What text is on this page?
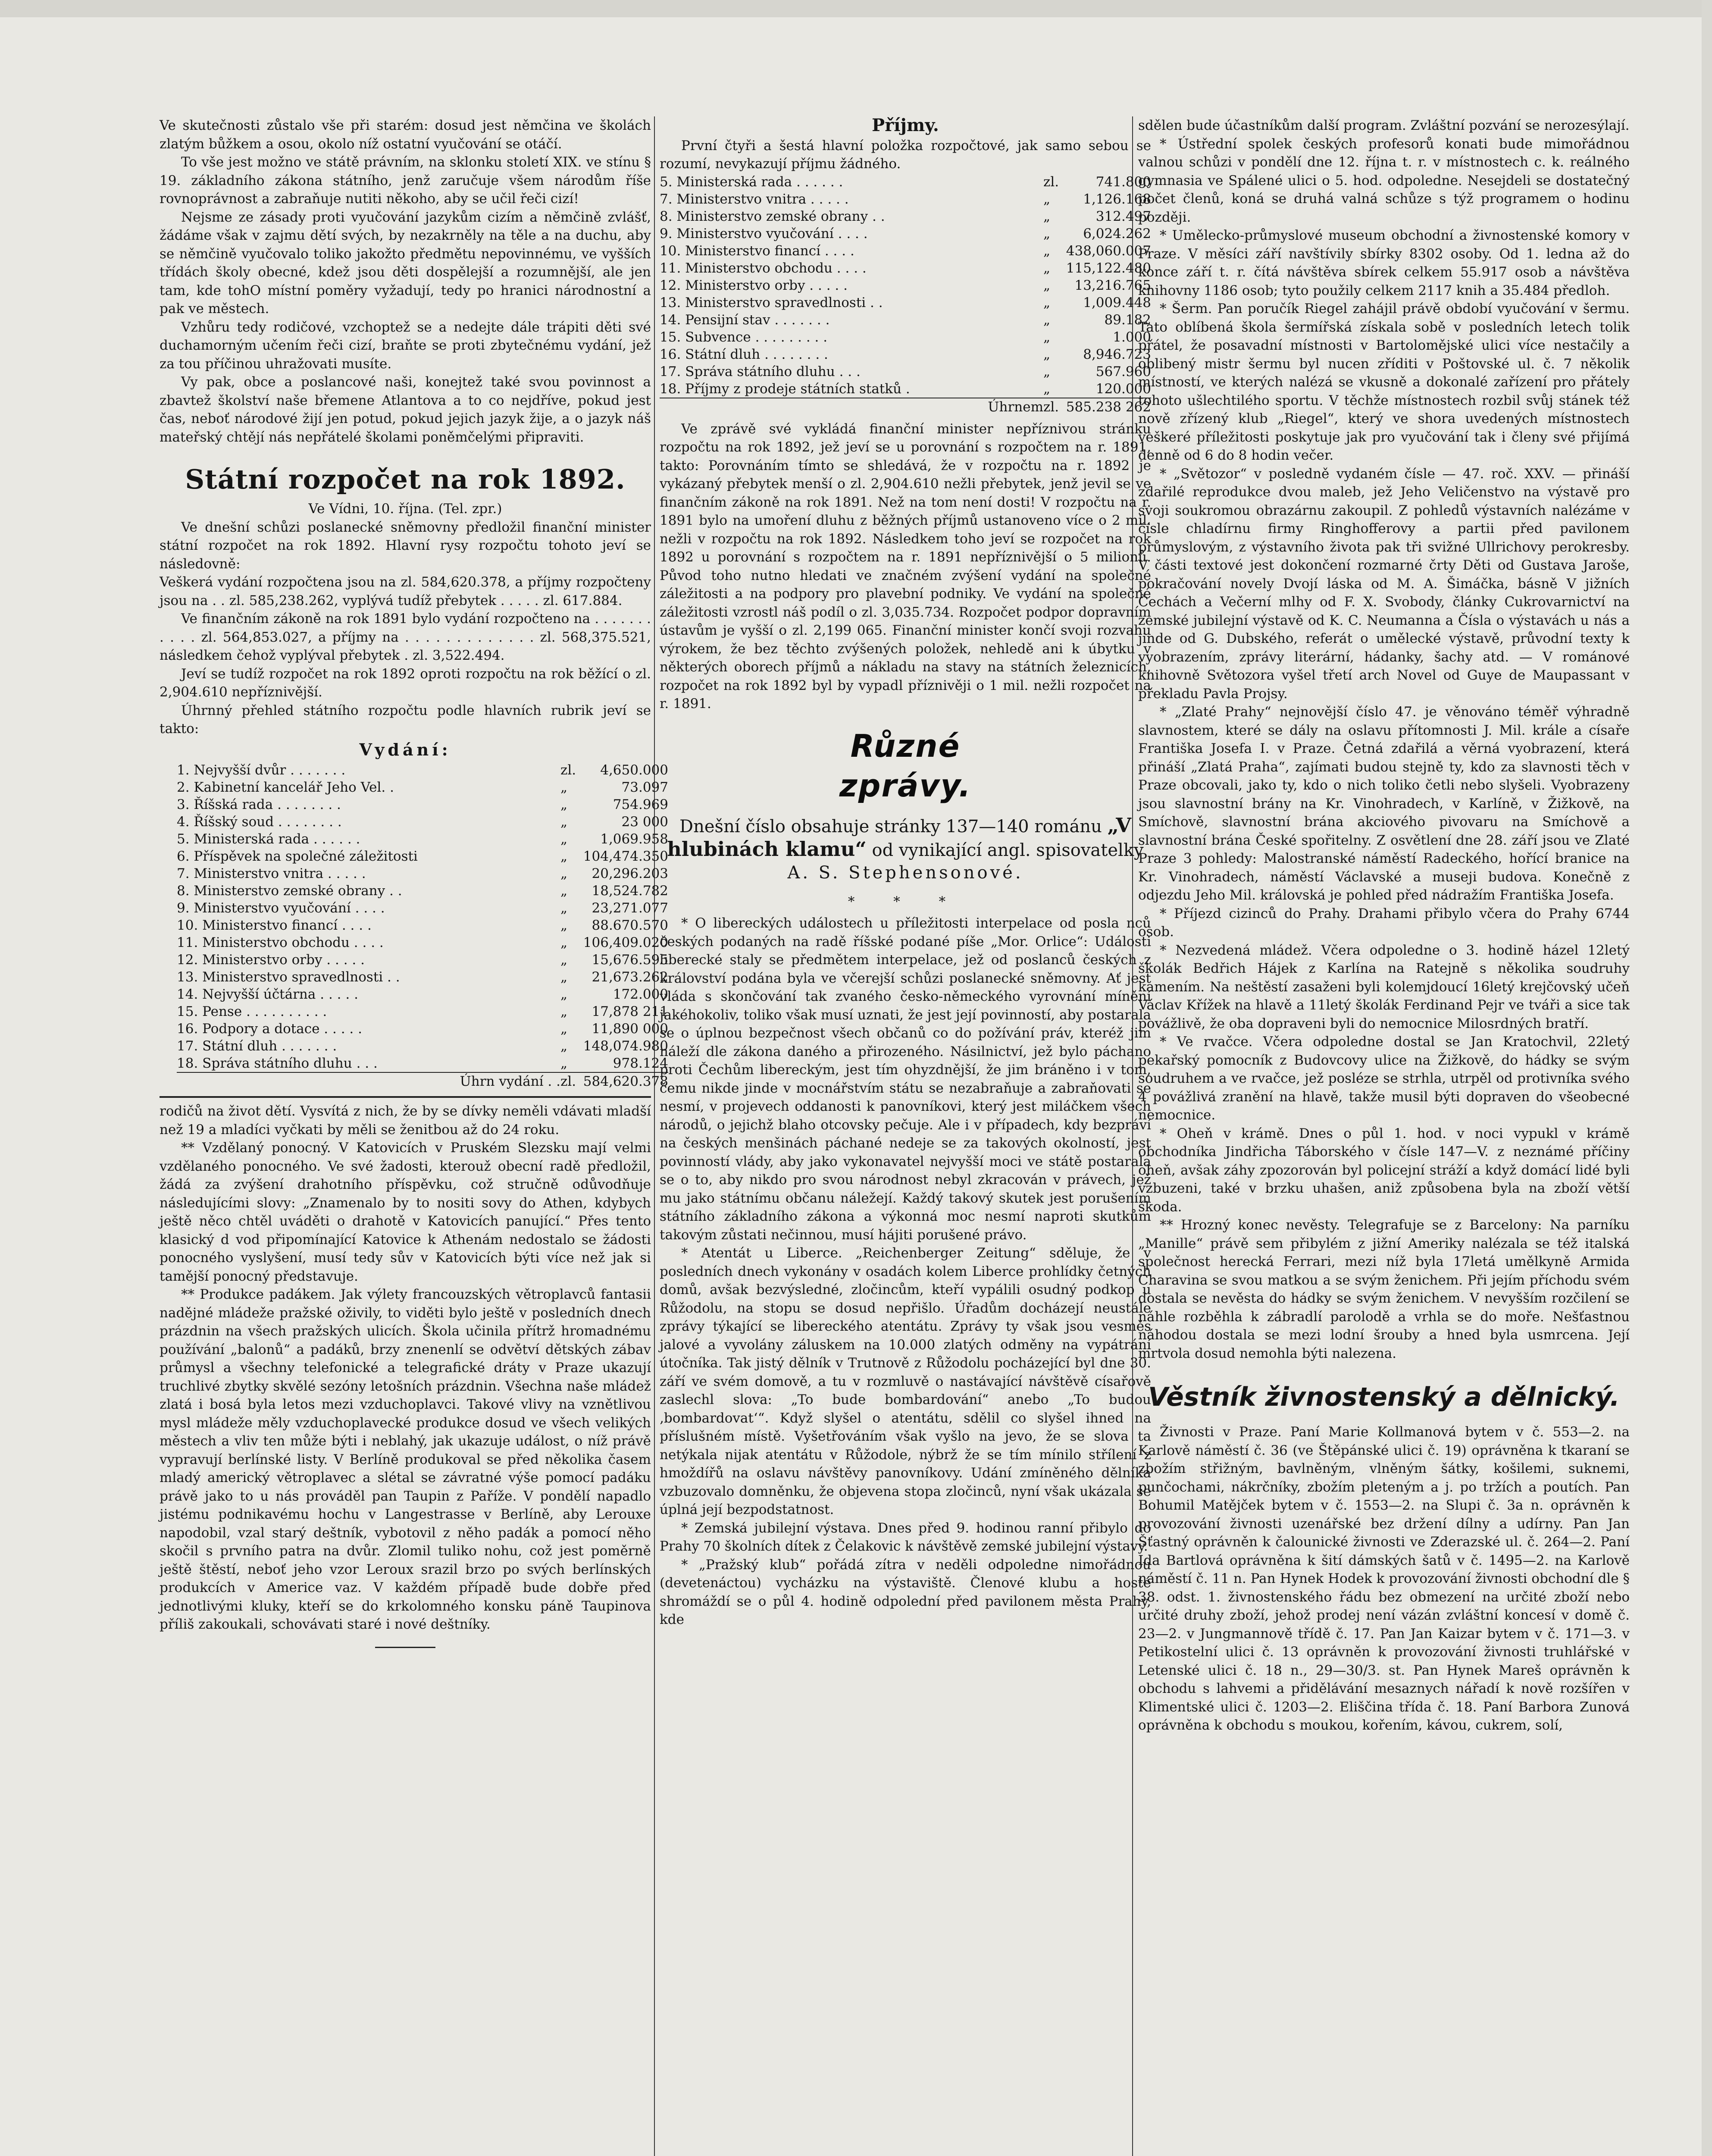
Ve skutečnosti zůstalo vše při starém: dosud jest němčina ve školách zlatým bůžkem a osou, okolo níž ostatní vyučování se otáčí.

To vše jest možno ve státě právním, na sklonku století XIX. ve stínu § 19. základního zákona státního, jenž zaručuje všem národům říše rovnoprávnost a zabraňuje nutiti někoho, aby se učil řeči cizí!

Nejsme ze zásady proti vyučování jazykům cizím a němčině zvlášť, žádáme však v zajmu dětí svých, by nezakrněly na těle a na duchu, aby se němčině vyučovalo toliko jakožto předmětu nepovinnému, ve vyšších třídách školy obecné, kdež jsou děti dospělejší a rozumnější, ale jen tam, kde tohO místní poměry vyžadují, tedy po hranici národnostní a pak ve městech.

Vzhůru tedy rodičové, vzchoptež se a nedejte dále trápiti děti své duchamorným učením řeči cizí, braňte se proti zbytečnému vydání, jež za tou příčinou uhražovati musíte.

Vy pak, obce a poslancové naši, konejtež také svou povinnost a zbavtež školství naše břemene Atlantova a to co nejdříve, pokud jest čas, neboť národové žijí jen potud, pokud jejich jazyk žije, a o jazyk náš mateřský chtějí nás nepřátelé školami poněmčelými připraviti.

Státní rozpočet na rok 1892.

Ve Vídni, 10. října. (Tel. zpr.)

Ve dnešní schůzi poslanecké sněmovny předložil finanční minister státní rozpočet na rok 1892. Hlavní rysy rozpočtu tohoto jeví se následovně:

Veškerá vydání rozpočtena jsou na zl. 584,620.378, a příjmy rozpočteny jsou na . . zl. 585,238.262, vyplývá tudíž přebytek . . . . . zl. 617.884.

Ve finančním zákoně na rok 1891 bylo vydání rozpočteno na . . . . . . . . . . . zl. 564,853.027, a příjmy na . . . . . . . . . . . . . zl. 568,375.521, následkem čehož vyplýval přebytek . zl. 3,522.494.

Jeví se tudíž rozpočet na rok 1892 oproti rozpočtu na rok běžící o zl. 2,904.610 nepříznivější.

Úhrnný přehled státního rozpočtu podle hlavních rubrik jeví se takto:

Vydání:

1. Nejvyšší dvůr . . . . . . .	zl.	4,650.000
2. Kabinetní kancelář Jeho Vel. .	„	73.097
3. Říšská rada . . . . . . . .	„	754.969
4. Říšský soud . . . . . . . .	„	23 000
5. Ministerská rada . . . . . .	„	1,069.958
6. Příspěvek na společné záležitosti	„	104,474.350
7. Ministerstvo vnitra . . . . .	„	20,296.203
8. Ministerstvo zemské obrany . .	„	18,524.782
9. Ministerstvo vyučování . . . .	„	23,271.077
10. Ministerstvo financí . . . .	„	88.670.570
11. Ministerstvo obchodu . . . .	„	106,409.020
12. Ministerstvo orby . . . . .	„	15,676.595
13. Ministerstvo spravedlnosti . .	„	21,673.262
14. Nejvyšší účtárna . . . . .	„	172.000
15. Pense . . . . . . . . . .	„	17,878 211
16. Podpory a dotace . . . . .	„	11,890 000
17. Státní dluh . . . . . . .	„	148,074.980
18. Správa státního dluhu . . .	„	978.124
Úhrn vydání . .	zl.	584,620.378

rodičů na život dětí. Vysvítá z nich, že by se dívky neměli vdávati mladší než 19 a mladíci vyčkati by měli se ženitbou až do 24 roku.

** Vzdělaný ponocný. V Katovicích v Pruském Slezsku mají velmi vzdělaného ponocného. Ve své žadosti, kterouž obecní radě předložil, žádá za zvýšení drahotního příspěvku, což stručně odůvodňuje následujícími slovy: „Znamenalo by to nositi sovy do Athen, kdybych ještě něco chtěl uváděti o drahotě v Katovicích panující.“ Přes tento klasický d vod připomínající Katovice k Athenám nedostalo se žádosti ponocného vyslyšení, musí tedy sův v Katovicích býti více než jak si tamější ponocný představuje.

** Produkce padákem. Jak výlety francouzských větroplavců fantasii nadějné mládeže pražské oživily, to viděti bylo ještě v posledních dnech prázdnin na všech pražských ulicích. Škola učinila přítrž hromadnému používání „balonů“ a padáků, brzy znenenlí se odvětví dětských zábav průmysl a všechny telefonické a telegrafické dráty v Praze ukazují truchlivé zbytky skvělé sezóny letošních prázdnin. Všechna naše mládež zlatá i bosá byla letos mezi vzduchoplavci. Takové vlivy na vznětlivou mysl mládeže měly vzduchoplavecké produkce dosud ve všech velikých městech a vliv ten může býti i neblahý, jak ukazuje událost, o níž právě vypravují berlínské listy. V Berlíně produkoval se před několika časem mladý americký větroplavec a slétal se závratné výše pomocí padáku právě jako to u nás prováděl pan Taupin z Paříže. V pondělí napadlo jistému podnikavému hochu v Langestrasse v Berlíně, aby Lerouxe napodobil, vzal starý deštník, vybotovil z něho padák a pomocí něho skočil s prvního patra na dvůr. Zlomil tuliko nohu, což jest poměrně ještě štěstí, neboť jeho vzor Leroux srazil brzo po svých berlínských produkcích v Americe vaz. V každém případě bude dobře před jednotlivými kluky, kteří se do krkolomného konsku páně Taupinova příliš zakoukali, schovávati staré i nové deštníky.

Příjmy.

První čtyři a šestá hlavní položka rozpočtové, jak samo sebou se rozumí, nevykazují příjmu žádného.

5. Ministerská rada . . . . . .	zl.	741.800
7. Ministerstvo vnitra . . . . .	„	1,126.168
8. Ministerstvo zemské obrany . .	„	312.497
9. Ministerstvo vyučování . . . .	„	6,024.262
10. Ministerstvo financí . . . .	„	438,060.007
11. Ministerstvo obchodu . . . .	„	115,122.480
12. Ministerstvo orby . . . . .	„	13,216.765
13. Ministerstvo spravedlnosti . .	„	1,009.448
14. Pensijní stav . . . . . . .	„	89.182
15. Subvence . . . . . . . . .	„	1.000
16. Státní dluh . . . . . . . .	„	8,946.723
17. Správa státního dluhu . . .	„	567.960
18. Příjmy z prodeje státních statků .	„	120.000
Úhrnem	zl.	585.238 262

Ve zprávě své vykládá finanční minister nepříznivou stránku rozpočtu na rok 1892, jež jeví se u porovnání s rozpočtem na r. 1891, takto: Porovnáním tímto se shledává, že v rozpočtu na r. 1892 je vykázaný přebytek menší o zl. 2,904.610 nežli přebytek, jenž jevil se ve finančním zákoně na rok 1891. Než na tom není dosti! V rozpočtu na r. 1891 bylo na umoření dluhu z běžných příjmů ustanoveno více o 2 mil. nežli v rozpočtu na rok 1892. Následkem toho jeví se rozpočet na rok 1892 u porovnání s rozpočtem na r. 1891 nepříznivější o 5 milionů. Původ toho nutno hledati ve značném zvýšení vydání na společné záležitosti a na podpory pro plavební podniky. Ve vydání na společné záležitosti vzrostl náš podíl o zl. 3,035.734. Rozpočet podpor dopravním ústavům je vyšší o zl. 2,199 065. Finanční minister končí svoji rozvahu výrokem, že bez těchto zvýšených položek, nehledě ani k úbytku v některých oborech příjmů a nákladu na stavy na státních železnicích, rozpočet na rok 1892 byl by vypadl příznivěji o 1 mil. nežli rozpočet na r. 1891.

Různé zprávy.

Dnešní číslo obsahuje stránky 137—140 románu „V hlubinách klamu“ od vynikající angl. spisovatelky A. S. Stephensonové.

* * *

* O libereckých událostech u příležitosti interpelace od posla nců českých podaných na radě říšské podané píše „Mor. Orlice“: Události liberecké staly se předmětem interpelace, jež od poslanců českých z království podána byla ve včerejší schůzi poslanecké sněmovny. Ať jest vláda s skončování tak zvaného česko-německého vyrovnání mínění jakéhokoliv, toliko však musí uznati, že jest její povinností, aby postarala se o úplnou bezpečnost všech občanů co do požívání práv, kteréž jim náleží dle zákona daného a přirozeného. Násilnictví, jež bylo páchano proti Čechům libereckým, jest tím ohyzdnější, že jim bráněno i v tom, čemu nikde jinde v mocnářstvím státu se nezabraňuje a zabraňovati se nesmí, v projevech oddanosti k panovníkovi, který jest miláčkem všech národů, o jejichž blaho otcovsky pečuje. Ale i v případech, kdy bezpráví na českých menšinách páchané nedeje se za takových okolností, jest povinností vlády, aby jako vykonavatel nejvyšší moci ve státě postarala se o to, aby nikdo pro svou národnost nebyl zkracován v právech, jež mu jako státnímu občanu náležejí. Každý takový skutek jest porušením státního základního zákona a výkonná moc nesmí naproti skutkům takovým zůstati nečinnou, musí hájiti porušené právo.

* Atentát u Liberce. „Reichenberger Zeitung“ sděluje, že v posledních dnech vykonány v osadách kolem Liberce prohlídky četných domů, avšak bezvýsledné, zločincům, kteří vypálili osudný podkop u Růžodolu, na stopu se dosud nepřišlo. Úřadům docházejí neustále zprávy týkající se libereckého atentátu. Zprávy ty však jsou vesměs jalové a vyvolány záluskem na 10.000 zlatých odměny na vypátrání útočníka. Tak jistý dělník v Trutnově z Růžodolu pocházející byl dne 30. září ve svém domově, a tu v rozmluvě o nastávající návštěvě císařově zaslechl slova: „To bude bombardování“ anebo „To budou ‚bombardovat‘“. Když slyšel o atentátu, sdělil co slyšel ihned na příslušném místě. Vyšetřováním však vyšlo na jevo, že se slova ta netýkala nijak atentátu v Růžodole, nýbrž že se tím mínilo střílení z hmoždířů na oslavu návštěvy panovníkovy. Udání zmíněného dělníka vzbuzovalo domněnku, že objevena stopa zločinců, nyní však ukázala se úplná její bezpodstatnost.

* Zemská jubilejní výstava. Dnes před 9. hodinou ranní přibylo do Prahy 70 školních dítek z Čelakovic k návštěvě zemské jubilejní výstavy.

* „Pražský klub“ pořádá zítra v neděli odpoledne nimořádnou (devetenáctou) vycházku na výstaviště. Členové klubu a hosté shromáždí se o půl 4. hodině odpolední před pavilonem města Prahy, kde

sdělen bude účastníkům další program. Zvláštní pozvání se nerozesýlají.

* Ústřední spolek českých profesorů konati bude mimořádnou valnou schůzi v pondělí dne 12. října t. r. v místnostech c. k. reálného gymnasia ve Spálené ulici o 5. hod. odpoledne. Nesejdeli se dostatečný počet členů, koná se druhá valná schůze s týž programem o hodinu později.

* Umělecko-průmyslové museum obchodní a živnostenské komory v Praze. V měsíci září navštívily sbírky 8302 osoby. Od 1. ledna až do konce září t. r. čítá návštěva sbírek celkem 55.917 osob a návštěva knihovny 1186 osob; tyto použily celkem 2117 knih a 35.484 předloh.

* Šerm. Pan poručík Riegel zahájil právě období vyučování v šermu. Tato oblíbená škola šermířská získala sobě v posledních letech tolik přátel, že posavadní místnosti v Bartolomějské ulici více nestačily a oblibený mistr šermu byl nucen zříditi v Poštovské ul. č. 7 několik místností, ve kterých nalézá se vkusně a dokonalé zařízení pro přátely tohoto ušlechtilého sportu. V těchže místnostech rozbil svůj stánek též nově zřízený klub „Riegel“, který ve shora uvedených místnostech veškeré příležitosti poskytuje jak pro vyučování tak i členy své přijímá denně od 6 do 8 hodin večer.

* „Světozor“ v posledně vydaném čísle — 47. roč. XXV. — přináší zdařilé reprodukce dvou maleb, jež Jeho Veličenstvo na výstavě pro svoji soukromou obrazárnu zakoupil. Z pohledů výstavních nalézáme v čísle chladírnu firmy Ringhofferovy a partii před pavilonem průmyslovým, z výstavního života pak tři svižné Ullrichovy perokresby. V části textové jest dokončení rozmarné črty Děti od Gustava Jaroše, pokračování novely Dvojí láska od M. A. Šimáčka, básně V jižních Čechách a Večerní mlhy od F. X. Svobody, články Cukrovarnictví na zemské jubilejní výstavě od K. C. Neumanna a Čísla o výstavách u nás a jinde od G. Dubského, referát o umělecké výstavě, průvodní texty k vyobrazením, zprávy literární, hádanky, šachy atd. — V románové knihovně Světozora vyšel třetí arch Novel od Guye de Maupassant v překladu Pavla Projsy.

* „Zlaté Prahy“ nejnovější číslo 47. je věnováno téměř výhradně slavnostem, které se dály na oslavu přítomnosti J. Mil. krále a císaře Františka Josefa I. v Praze. Četná zdařilá a věrná vyobrazení, která přináší „Zlatá Praha“, zajímati budou stejně ty, kdo za slavnosti těch v Praze obcovali, jako ty, kdo o nich toliko četli nebo slyšeli. Vyobrazeny jsou slavnostní brány na Kr. Vinohradech, v Karlíně, v Žižkově, na Smíchově, slavnostní brána akciového pivovaru na Smíchově a slavnostní brána České spořitelny. Z osvětlení dne 28. září jsou ve Zlaté Praze 3 pohledy: Malostranské náměstí Radeckého, hořící branice na Kr. Vinohradech, náměstí Václavské a museji budova. Konečně z odjezdu Jeho Mil. královská je pohled před nádražím Františka Josefa.

* Příjezd cizinců do Prahy. Drahami přibylo včera do Prahy 6744 osob.

* Nezvedená mládež. Včera odpoledne o 3. hodině házel 12letý školák Bedřich Hájek z Karlína na Ratejně s několika soudruhy kamením. Na neštěstí zasaženi byli kolemjdoucí 16letý krejčovský učeň Václav Křížek na hlavě a 11letý školák Ferdinand Pejr ve tváři a sice tak povážlivě, že oba dopraveni byli do nemocnice Milosrdných bratří.

* Ve rvačce. Včera odpoledne dostal se Jan Kratochvil, 22letý pekařský pomocník z Budovcovy ulice na Žižkově, do hádky se svým soudruhem a ve rvačce, jež posléze se strhla, utrpěl od protivníka svého 4 povážlivá zranění na hlavě, takže musil býti dopraven do všeobecné nemocnice.

* Oheň v krámě. Dnes o půl 1. hod. v noci vypukl v krámě obchodníka Jindřicha Táborského v čísle 147—V. z neznámé příčiny oheň, avšak záhy zpozorován byl policejní stráží a když domácí lidé byli vzbuzeni, také v brzku uhašen, aniž způsobena byla na zboží větší škoda.

** Hrozný konec nevěsty. Telegrafuje se z Barcelony: Na parníku „Manille“ právě sem přibylém z jižní Ameriky nalézala se též italská společnost herecká Ferrari, mezi níž byla 17letá umělkyně Armida Charavina se svou matkou a se svým ženichem. Při jejím příchodu svém dostala se nevěsta do hádky se svým ženichem. V nevyšším rozčilení se náhle rozběhla k zábradlí parolodě a vrhla se do moře. Nešťastnou náhodou dostala se mezi lodní šrouby a hned byla usmrcena. Její mrtvola dosud nemohla býti nalezena.

Věstník živnostenský a dělnický.

Živnosti v Praze. Paní Marie Kollmanová bytem v č. 553—2. na Karlově náměstí č. 36 (ve Štěpánské ulici č. 19) oprávněna k tkaraní se zbožím střižným, bavlněným, vlněným šátky, košilemi, suknemi, punčochami, nákrčníky, zbožím pleteným a j. po tržích a poutích. Pan Bohumil Matějček bytem v č. 1553—2. na Slupi č. 3a n. oprávněn k provozování živnosti uzenářské bez držení dílny a udírny. Pan Jan Šťastný oprávněn k čalounické živnosti ve Zderazské ul. č. 264—2. Paní Ida Bartlová oprávněna k šití dámských šatů v č. 1495—2. na Karlově náměstí č. 11 n. Pan Hynek Hodek k provozování živnosti obchodní dle § 38. odst. 1. živnostenského řádu bez obmezení na určité zboží nebo určité druhy zboží, jehož prodej není vázán zvláštní koncesí v domě č. 23—2. v Jungmannově třídě č. 17. Pan Jan Kaizar bytem v č. 171—3. v Petikostelní ulici č. 13 oprávněn k provozování živnosti truhlářské v Letenské ulici č. 18 n., 29—30/3. st. Pan Hynek Mareš oprávněn k obchodu s lahvemi a přidělávání mesaznych nářadí k nově rozšířen v Klimentské ulici č. 1203—2. Eliščina třída č. 18. Paní Barbora Zunová oprávněna k obchodu s moukou, kořením, kávou, cukrem, solí,
